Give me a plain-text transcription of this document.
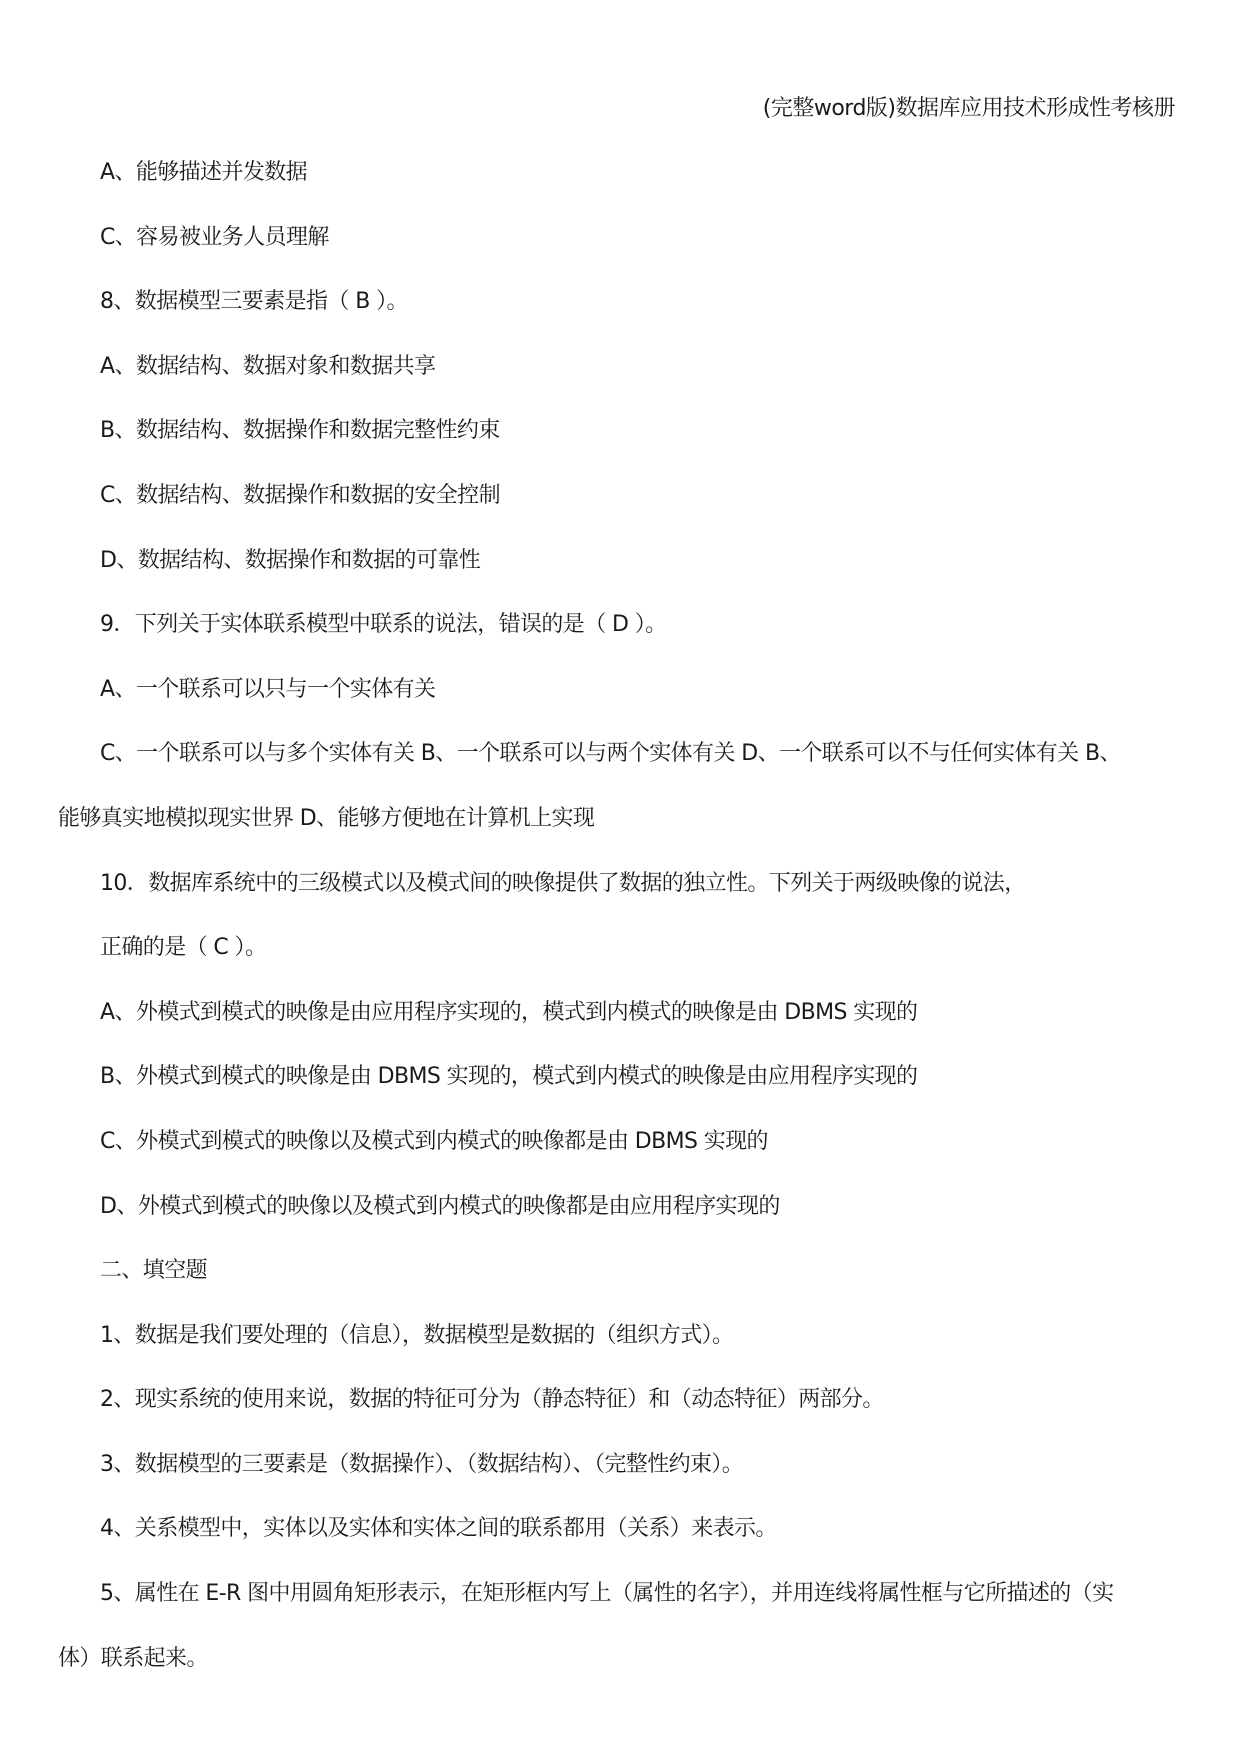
(完整word版)数据库应用技术形成性考核册
A、能够描述并发数据
C、容易被业务人员理解
8、数据模型三要素是指（ B ）。
A、数据结构、数据对象和数据共享
B、数据结构、数据操作和数据完整性约束
C、数据结构、数据操作和数据的安全控制
D、数据结构、数据操作和数据的可靠性
9．下列关于实体联系模型中联系的说法，错误的是（ D ）。
A、一个联系可以只与一个实体有关
C、一个联系可以与多个实体有关 B、一个联系可以与两个实体有关 D、一个联系可以不与任何实体有关 B、
能够真实地模拟现实世界 D、能够方便地在计算机上实现
10．数据库系统中的三级模式以及模式间的映像提供了数据的独立性。下列关于两级映像的说法，
正确的是（ C ）。
A、外模式到模式的映像是由应用程序实现的，模式到内模式的映像是由 DBMS 实现的
B、外模式到模式的映像是由 DBMS 实现的，模式到内模式的映像是由应用程序实现的
C、外模式到模式的映像以及模式到内模式的映像都是由 DBMS 实现的
D、外模式到模式的映像以及模式到内模式的映像都是由应用程序实现的
二、填空题
1、数据是我们要处理的（信息），数据模型是数据的（组织方式）。
2、现实系统的使用来说，数据的特征可分为（静态特征）和（动态特征）两部分。
3、数据模型的三要素是（数据操作）、（数据结构）、（完整性约束）。
4、关系模型中，实体以及实体和实体之间的联系都用（关系）来表示。
5、属性在 E-R 图中用圆角矩形表示，在矩形框内写上（属性的名字），并用连线将属性框与它所描述的（实
体）联系起来。
